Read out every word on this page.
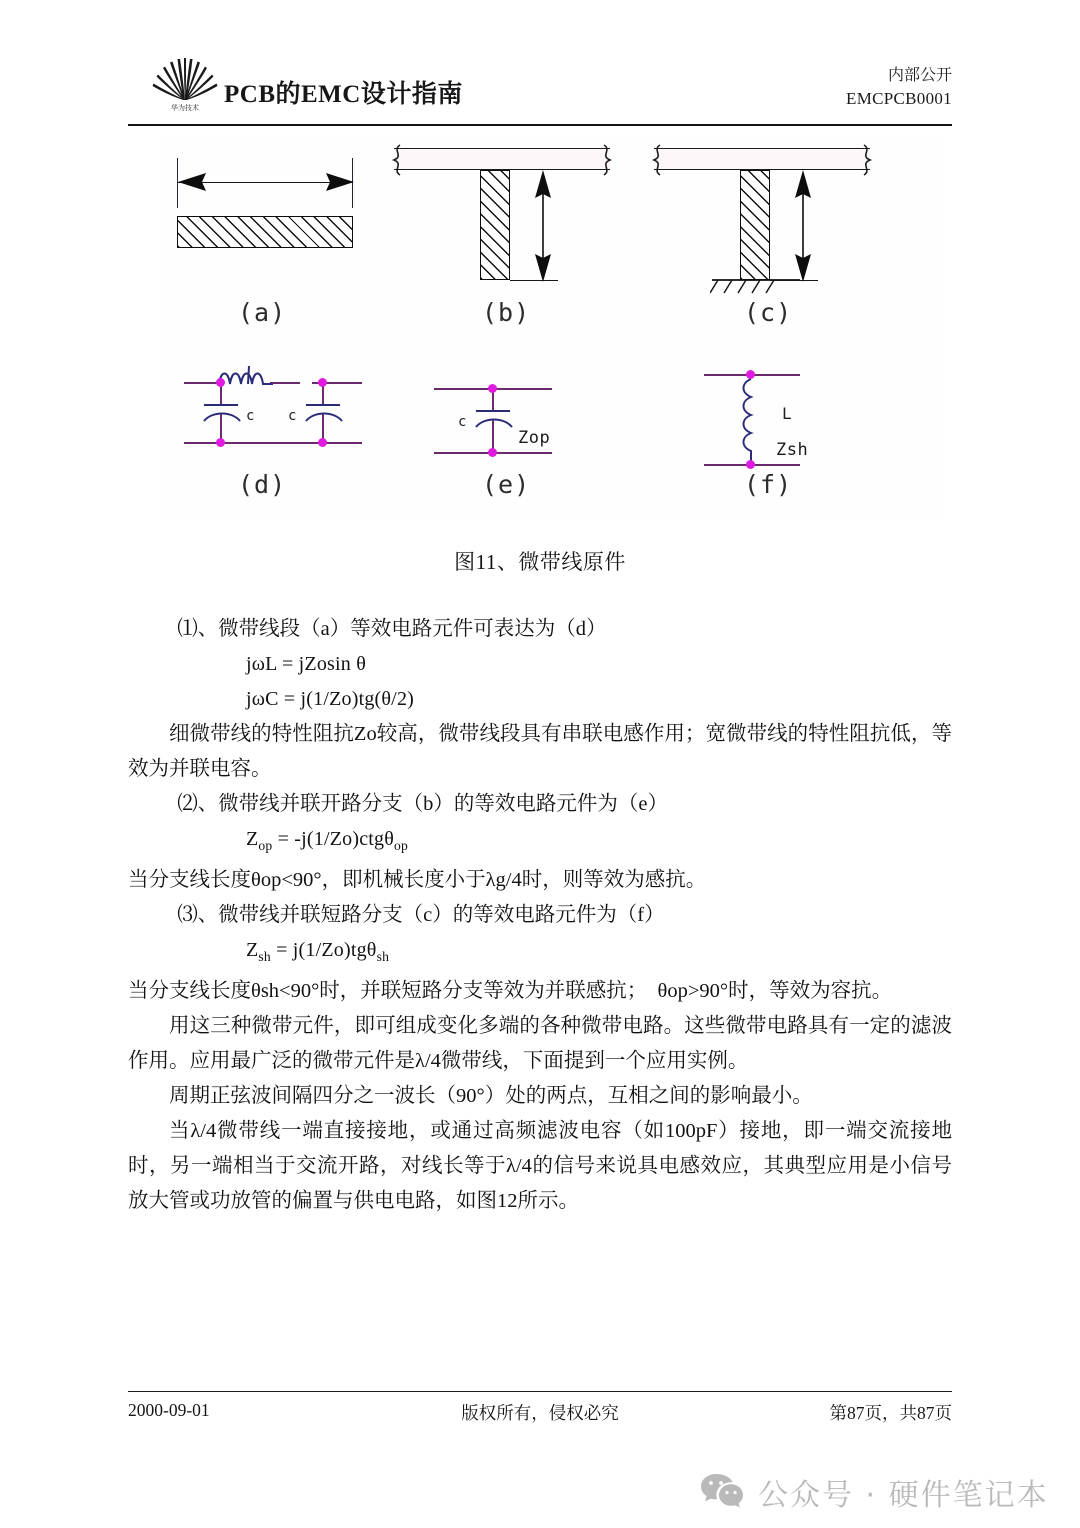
华为技术 PCB的EMC设计指南
内部公开
EMCPCB0001
(a)	(b)	(c)
c c
(d)
c
Zop
(e)
L
Zsh
(f)
图11、微带线原件

⑴、微带线段（a）等效电路元件可表达为（d）

jωL = jZosin θ

jωC = j(1/Zo)tg(θ/2)

细微带线的特性阻抗Zo较高，微带线段具有串联电感作用；宽微带线的特性阻抗低，等效为并联电容。

⑵、微带线并联开路分支（b）的等效电路元件为（e）

$Z_{op} = -j(1/Zo)ctg\theta_{op}$

当分支线长度θop<90°，即机械长度小于λg/4时，则等效为感抗。

⑶、微带线并联短路分支（c）的等效电路元件为（f）

$Z_{sh} = j(1/Zo)tg\theta_{sh}$

当分支线长度θsh<90°时，并联短路分支等效为并联感抗；　θop>90°时，等效为容抗。

用这三种微带元件，即可组成变化多端的各种微带电路。这些微带电路具有一定的滤波作用。应用最广泛的微带元件是λ/4微带线，下面提到一个应用实例。

周期正弦波间隔四分之一波长（90°）处的两点，互相之间的影响最小。

当λ/4微带线一端直接接地，或通过高频滤波电容（如100pF）接地，即一端交流接地时，另一端相当于交流开路，对线长等于λ/4的信号来说具电感效应，其典型应用是小信号放大管或功放管的偏置与供电电路，如图12所示。

2000-09-01	版权所有，侵权必究	第87页，共87页
公众号 · 硬件笔记本
